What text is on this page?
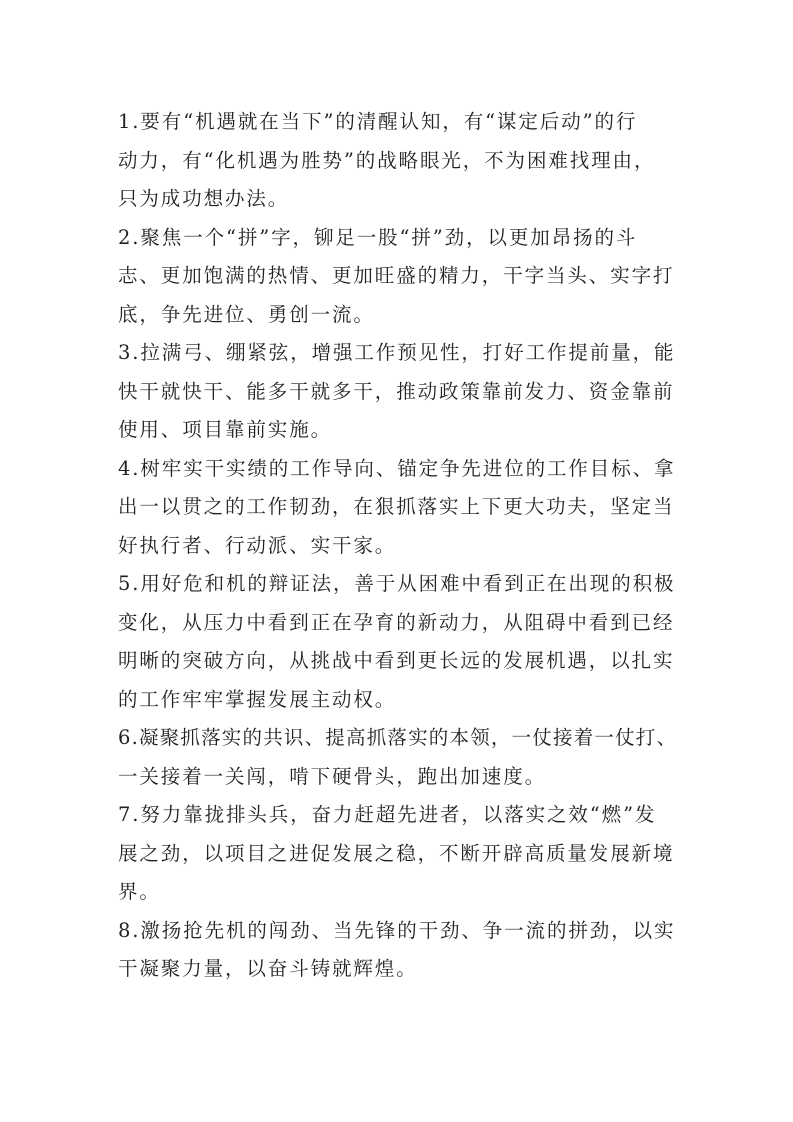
1.要有“机遇就在当下”的清醒认知，有“谋定后动”的行
动力，有“化机遇为胜势”的战略眼光，不为困难找理由，
只为成功想办法。

2.聚焦一个“拼”字，铆足一股“拼”劲，以更加昂扬的斗
志、更加饱满的热情、更加旺盛的精力，干字当头、实字打
底，争先进位、勇创一流。

3.拉满弓、绷紧弦，增强工作预见性，打好工作提前量，能
快干就快干、能多干就多干，推动政策靠前发力、资金靠前
使用、项目靠前实施。

4.树牢实干实绩的工作导向、锚定争先进位的工作目标、拿
出一以贯之的工作韧劲，在狠抓落实上下更大功夫，坚定当
好执行者、行动派、实干家。

5.用好危和机的辩证法，善于从困难中看到正在出现的积极
变化，从压力中看到正在孕育的新动力，从阻碍中看到已经
明晰的突破方向，从挑战中看到更长远的发展机遇，以扎实
的工作牢牢掌握发展主动权。

6.凝聚抓落实的共识、提高抓落实的本领，一仗接着一仗打、
一关接着一关闯，啃下硬骨头，跑出加速度。

7.努力靠拢排头兵，奋力赶超先进者，以落实之效“燃”发
展之劲，以项目之进促发展之稳，不断开辟高质量发展新境
界。

8.激扬抢先机的闯劲、当先锋的干劲、争一流的拼劲，以实
干凝聚力量，以奋斗铸就辉煌。
